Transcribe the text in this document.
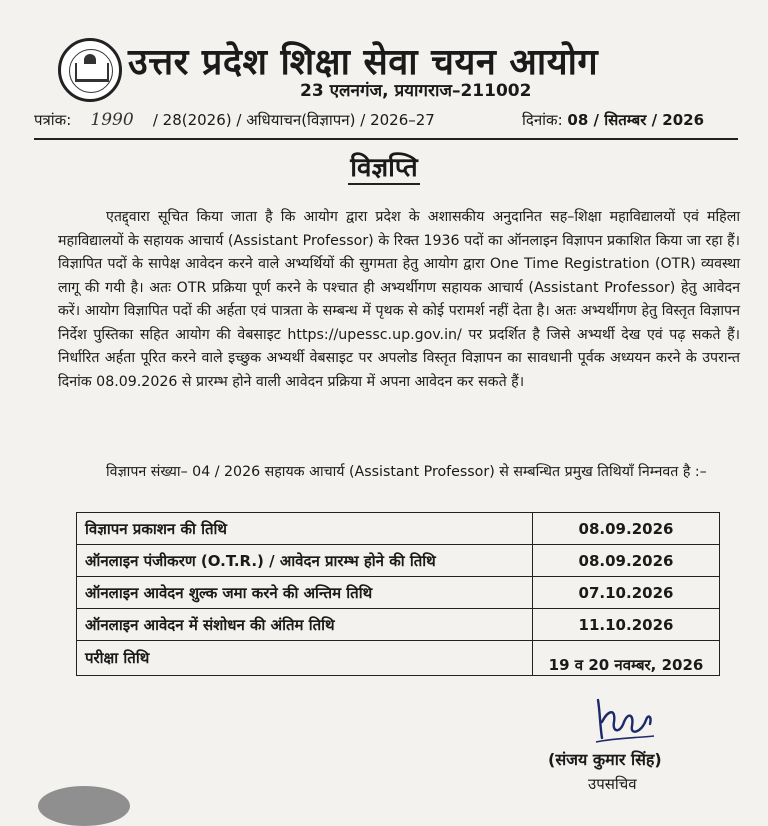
उत्तर प्रदेश शिक्षा सेवा चयन आयोग
23 एलनगंज, प्रयागराज–211002
पत्रांक: 1990 / 28(2026) / अधियाचन(विज्ञापन) / 2026–27	दिनांक: 08 / सितम्बर / 2026
विज्ञप्ति

एतद्द्वारा सूचित किया जाता है कि आयोग द्वारा प्रदेश के अशासकीय अनुदानित सह–शिक्षा महाविद्यालयों एवं महिला महाविद्यालयों के सहायक आचार्य (Assistant Professor) के रिक्त 1936 पदों का ऑनलाइन विज्ञापन प्रकाशित किया जा रहा हैं। विज्ञापित पदों के सापेक्ष आवेदन करने वाले अभ्यर्थियों की सुगमता हेतु आयोग द्वारा One Time Registration (OTR) व्यवस्था लागू की गयी है। अतः OTR प्रक्रिया पूर्ण करने के पश्चात ही अभ्यर्थीगण सहायक आचार्य (Assistant Professor) हेतु आवेदन करें। आयोग विज्ञापित पदों की अर्हता एवं पात्रता के सम्बन्ध में पृथक से कोई परामर्श नहीं देता है। अतः अभ्यर्थीगण हेतु विस्तृत विज्ञापन निर्देश पुस्तिका सहित आयोग की वेबसाइट https://upessc.up.gov.in/ पर प्रदर्शित है जिसे अभ्यर्थी देख एवं पढ़ सकते हैं। निर्धारित अर्हता पूरित करने वाले इच्छुक अभ्यर्थी वेबसाइट पर अपलोड विस्तृत विज्ञापन का सावधानी पूर्वक अध्ययन करने के उपरान्त दिनांक 08.09.2026 से प्रारम्भ होने वाली आवेदन प्रक्रिया में अपना आवेदन कर सकते हैं।

विज्ञापन संख्या– 04 / 2026 सहायक आचार्य (Assistant Professor) से सम्बन्धित प्रमुख तिथियाँ निम्नवत है :–

विज्ञापन प्रकाशन की तिथि	08.09.2026
ऑनलाइन पंजीकरण (O.T.R.) / आवेदन प्रारम्भ होने की तिथि	08.09.2026
ऑनलाइन आवेदन शुल्क जमा करने की अन्तिम तिथि	07.10.2026
ऑनलाइन आवेदन में संशोधन की अंतिम तिथि	11.10.2026
परीक्षा तिथि	19 व 20 नवम्बर, 2026
(संजय कुमार सिंह)
उपसचिव
